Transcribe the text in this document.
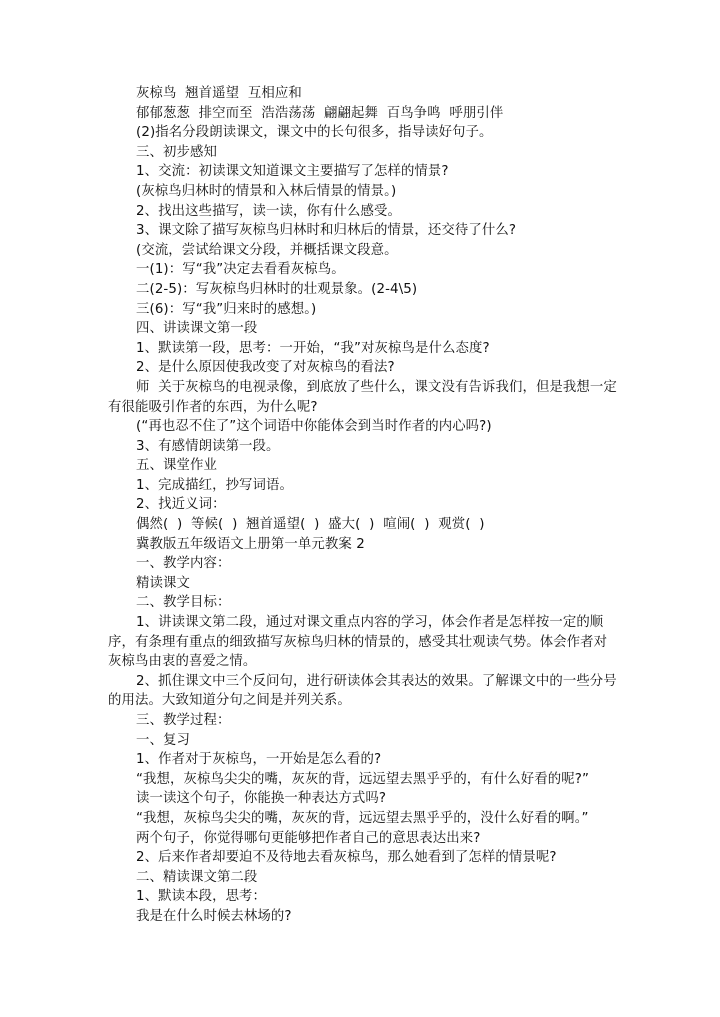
灰椋鸟  翘首遥望  互相应和

郁郁葱葱  排空而至  浩浩荡荡  翩翩起舞  百鸟争鸣  呼朋引伴

(2)指名分段朗读课文，课文中的长句很多，指导读好句子。

三、初步感知

1、交流：初读课文知道课文主要描写了怎样的情景?

(灰椋鸟归林时的情景和入林后情景的情景。)

2、找出这些描写，读一读，你有什么感受。

3、课文除了描写灰椋鸟归林时和归林后的情景，还交待了什么?

(交流，尝试给课文分段，并概括课文段意。

一(1)：写“我”决定去看看灰椋鸟。

二(2-5)：写灰椋鸟归林时的壮观景象。(2-4\5)

三(6)：写“我”归来时的感想。)

四、讲读课文第一段

1、默读第一段，思考：一开始，“我”对灰椋鸟是什么态度?

2、是什么原因使我改变了对灰椋鸟的看法?

师  关于灰椋鸟的电视录像，到底放了些什么，课文没有告诉我们，但是我想一定有很能吸引作者的东西，为什么呢?

(“再也忍不住了”这个词语中你能体会到当时作者的内心吗?)

3、有感情朗读第一段。

五、课堂作业

1、完成描红，抄写词语。

2、找近义词：

偶然(  )  等候(  )  翘首遥望(  )  盛大(  )  喧闹(  )  观赏(  )

冀教版五年级语文上册第一单元教案 2

一、教学内容：

精读课文

二、教学目标：

1、讲读课文第二段，通过对课文重点内容的学习，体会作者是怎样按一定的顺序，有条理有重点的细致描写灰椋鸟归林的情景的，感受其壮观读气势。体会作者对灰椋鸟由衷的喜爱之情。

2、抓住课文中三个反问句，进行研读体会其表达的效果。了解课文中的一些分号的用法。大致知道分句之间是并列关系。

三、教学过程：

一、复习

1、作者对于灰椋鸟，一开始是怎么看的?

“我想，灰椋鸟尖尖的嘴，灰灰的背，远远望去黑乎乎的，有什么好看的呢?”

读一读这个句子，你能换一种表达方式吗?

“我想，灰椋鸟尖尖的嘴，灰灰的背，远远望去黑乎乎的，没什么好看的啊。”

两个句子，你觉得哪句更能够把作者自己的意思表达出来?

2、后来作者却要迫不及待地去看灰椋鸟，那么她看到了怎样的情景呢?

二、精读课文第二段

1、默读本段，思考：

我是在什么时候去林场的?
